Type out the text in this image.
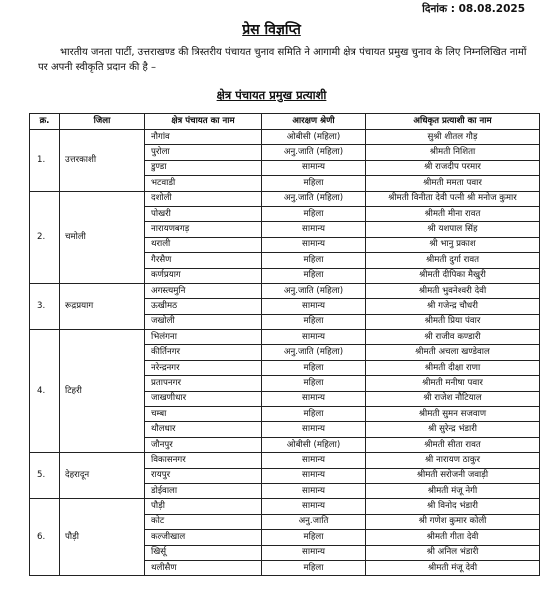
दिनांक : 08.08.2025
प्रेस विज्ञप्ति
भारतीय जनता पार्टी, उत्तराखण्ड की त्रिस्तरीय पंचायत चुनाव समिति ने आगामी क्षेत्र पंचायत प्रमुख चुनाव के लिए निम्नलिखित नामों पर अपनी स्वीकृति प्रदान की है –
क्षेत्र पंचायत प्रमुख प्रत्याशी
क्र.	जिला	क्षेत्र पंचायत का नाम	आरक्षण श्रेणी	अधिकृत प्रत्याशी का नाम
1.	उत्तरकाशी	नौगांव	ओबीसी (महिला)	सुश्री शीतल गौड़
		पुरोला	अनु.जाति (महिला)	श्रीमती निशिता
		डुण्डा	सामान्य	श्री राजदीप परमार
		भटवाडी	महिला	श्रीमती ममता पवार
2.	चमोली	दशोली	अनु.जाति (महिला)	श्रीमती विनीता देवी पत्नी श्री मनोज कुमार
		पोखरी	महिला	श्रीमती मीना रावत
		नारायणबगड़	सामान्य	श्री यशपाल सिंह
		थराली	सामान्य	श्री भानु प्रकाश
		गैरसैण	महिला	श्रीमती दुर्गा रावत
		कर्णप्रयाग	महिला	श्रीमती दीपिका मैखुरी
3.	रूद्रप्रयाग	अगस्त्यमुनि	अनु.जाति (महिला)	श्रीमती भुवनेश्वरी देवी
		ऊखीमठ	सामान्य	श्री गजेन्द्र चौधरी
		जखोली	महिला	श्रीमती प्रिया पंवार
4.	टिहरी	भिलंगना	सामान्य	श्री राजीव कण्डारी
		कीर्तिनगर	अनु.जाति (महिला)	श्रीमती अचला खण्डेवाल
		नरेन्द्रनगर	महिला	श्रीमती दीक्षा राणा
		प्रतापनगर	महिला	श्रीमती मनीषा पवार
		जाखणीधार	सामान्य	श्री राजेश नौटियाल
		चम्बा	महिला	श्रीमती सुमन सजवाण
		थौलधार	सामान्य	श्री सुरेन्द्र भंडारी
		जौनपुर	ओबीसी (महिला)	श्रीमती सीता रावत
5.	देहरादून	विकासनगर	सामान्य	श्री नारायण ठाकुर
		रायपुर	सामान्य	श्रीमती सरोजनी जवाड़ी
		डोईवाला	सामान्य	श्रीमती मंजू नेगी
6.	पौड़ी	पौड़ी	सामान्य	श्री विनोद भंडारी
		कोट	अनु.जाति	श्री गणेश कुमार कोली
		कल्जीखाल	महिला	श्रीमती गीता देवी
		खिर्सू	सामान्य	श्री अनिल भंडारी
		थलीसैण	महिला	श्रीमती मंजू देवी
